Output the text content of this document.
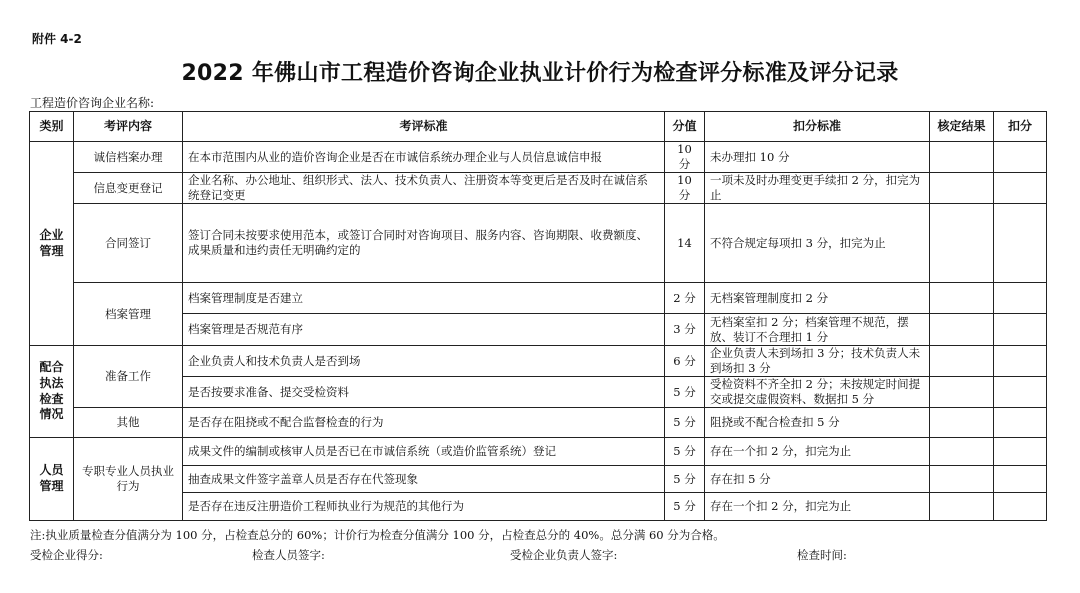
附件 4-2
2022 年佛山市工程造价咨询企业执业计价行为检查评分标准及评分记录
工程造价咨询企业名称:
类别	考评内容	考评标准	分值	扣分标准	核定结果	扣分
企业管理	诚信档案办理	在本市范围内从业的造价咨询企业是否在市诚信系统办理企业与人员信息诚信申报	10 分	未办理扣 10 分		
	信息变更登记	企业名称、办公地址、组织形式、法人、技术负责人、注册资本等变更后是否及时在诚信系统登记变更	10 分	一项未及时办理变更手续扣 2 分，扣完为止		
	合同签订	签订合同未按要求使用范本，或签订合同时对咨询项目、服务内容、咨询期限、收费额度、成果质量和违约责任无明确约定的	14	不符合规定每项扣 3 分，扣完为止		
	档案管理	档案管理制度是否建立	2 分	无档案管理制度扣 2 分		
		档案管理是否规范有序	3 分	无档案室扣 2 分；档案管理不规范，摆放、装订不合理扣 1 分		
配合执法检查情况	准备工作	企业负责人和技术负责人是否到场	6 分	企业负责人未到场扣 3 分；技术负责人未到场扣 3 分		
		是否按要求准备、提交受检资料	5 分	受检资料不齐全扣 2 分；未按规定时间提交或提交虚假资料、数据扣 5 分		
	其他	是否存在阻挠或不配合监督检查的行为	5 分	阻挠或不配合检查扣 5 分		
人员管理	专职专业人员执业行为	成果文件的编制或核审人员是否已在市诚信系统（或造价监管系统）登记	5 分	存在一个扣 2 分，扣完为止		
		抽查成果文件签字盖章人员是否存在代签现象	5 分	存在扣 5 分		
		是否存在违反注册造价工程师执业行为规范的其他行为	5 分	存在一个扣 2 分，扣完为止		
注:执业质量检查分值满分为 100 分，占检查总分的 60%；计价行为检查分值满分 100 分，占检查总分的 40%。总分满 60 分为合格。
受检企业得分:	检查人员签字:	受检企业负责人签字:	检查时间:
